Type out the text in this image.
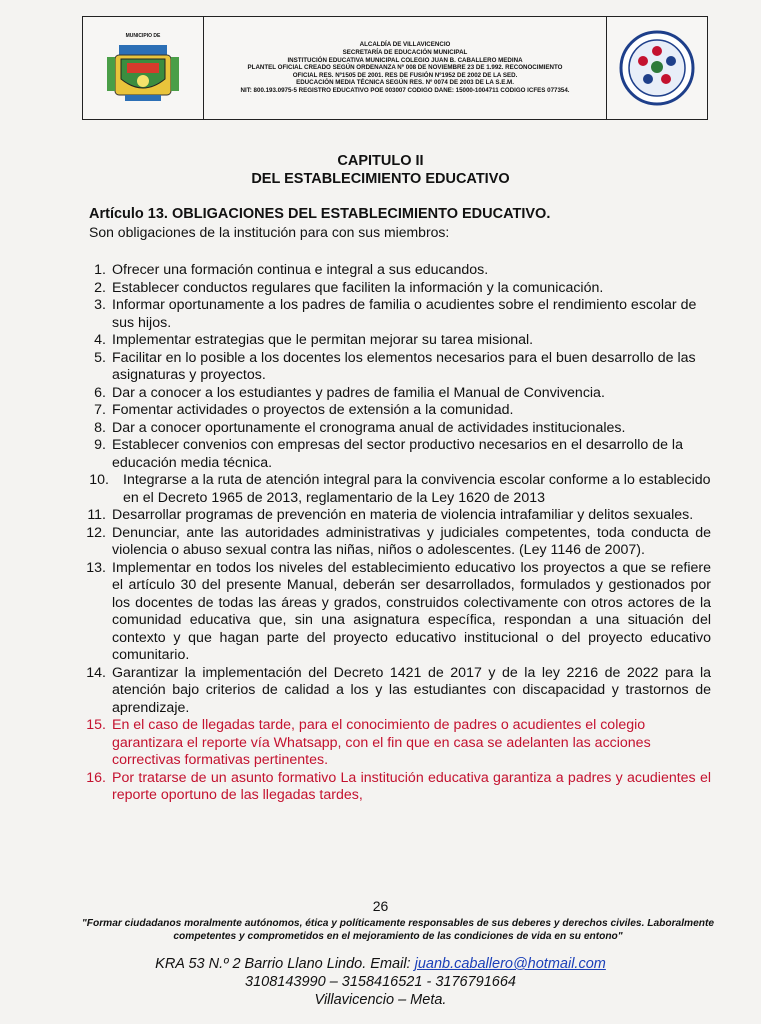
MUNICIPIO DE
ALCALDÍA DE VILLAVICENCIO
SECRETARÍA DE EDUCACIÓN MUNICIPAL
INSTITUCIÓN EDUCATIVA MUNICIPAL COLEGIO JUAN B. CABALLERO MEDINA
PLANTEL OFICIAL CREADO SEGÚN ORDENANZA Nº 008 DE NOVIEMBRE 23 DE 1.992. RECONOCIMIENTO
OFICIAL RES. Nº1505 DE 2001. RES DE FUSIÓN Nº1952 DE 2002 DE LA SED.
EDUCACIÓN MEDIA TÉCNICA SEGÚN RES. Nº 0074 DE 2003 DE LA S.E.M.
NIT: 800.193.0975-5 REGISTRO EDUCATIVO POE 003007 CODIGO DANE: 15000-1004711 CODIGO ICFES 077354.
CAPITULO II
DEL ESTABLECIMIENTO EDUCATIVO
Artículo 13. OBLIGACIONES DEL ESTABLECIMIENTO EDUCATIVO.
Son obligaciones de la institución para con sus miembros:
1. Ofrecer una formación continua e integral a sus educandos.
2. Establecer conductos regulares que faciliten la información y la comunicación.
3. Informar oportunamente a los padres de familia o acudientes sobre el rendimiento escolar de sus hijos.
4. Implementar estrategias que le permitan mejorar su tarea misional.
5. Facilitar en lo posible a los docentes los elementos necesarios para el buen desarrollo de las asignaturas y proyectos.
6. Dar a conocer a los estudiantes y padres de familia el Manual de Convivencia.
7. Fomentar actividades o proyectos de extensión a la comunidad.
8. Dar a conocer oportunamente el cronograma anual de actividades institucionales.
9. Establecer convenios con empresas del sector productivo necesarios en el desarrollo de la educación media técnica.
10. Integrarse a la ruta de atención integral para la convivencia escolar conforme a lo establecido en el Decreto 1965 de 2013, reglamentario de la Ley 1620 de 2013
11. Desarrollar programas de prevención en materia de violencia intrafamiliar y delitos sexuales.
12. Denunciar, ante las autoridades administrativas y judiciales competentes, toda conducta de violencia o abuso sexual contra las niñas, niños o adolescentes. (Ley 1146 de 2007).
13. Implementar en todos los niveles del establecimiento educativo los proyectos a que se refiere el artículo 30 del presente Manual, deberán ser desarrollados, formulados y gestionados por los docentes de todas las áreas y grados, construidos colectivamente con otros actores de la comunidad educativa que, sin una asignatura específica, respondan a una situación del contexto y que hagan parte del proyecto educativo institucional o del proyecto educativo comunitario.
14. Garantizar la implementación del Decreto 1421 de 2017 y de la ley 2216 de 2022 para la atención bajo criterios de calidad a los y las estudiantes con discapacidad y trastornos de aprendizaje.
15. En el caso de llegadas tarde, para el conocimiento de padres o acudientes el colegio garantizara el reporte vía Whatsapp, con el fin que en casa se adelanten las acciones correctivas formativas pertinentes.
16. Por tratarse de un asunto formativo La institución educativa garantiza a padres y acudientes el reporte oportuno de las llegadas tardes,
26
"Formar ciudadanos moralmente autónomos, ética y políticamente responsables de sus deberes y derechos civiles. Laboralmente
competentes y comprometidos en el mejoramiento de las condiciones de vida en su entono"
KRA 53 N.º 2 Barrio Llano Lindo. Email: juanb.caballero@hotmail.com
3108143990 – 3158416521 - 3176791664
Villavicencio – Meta.
